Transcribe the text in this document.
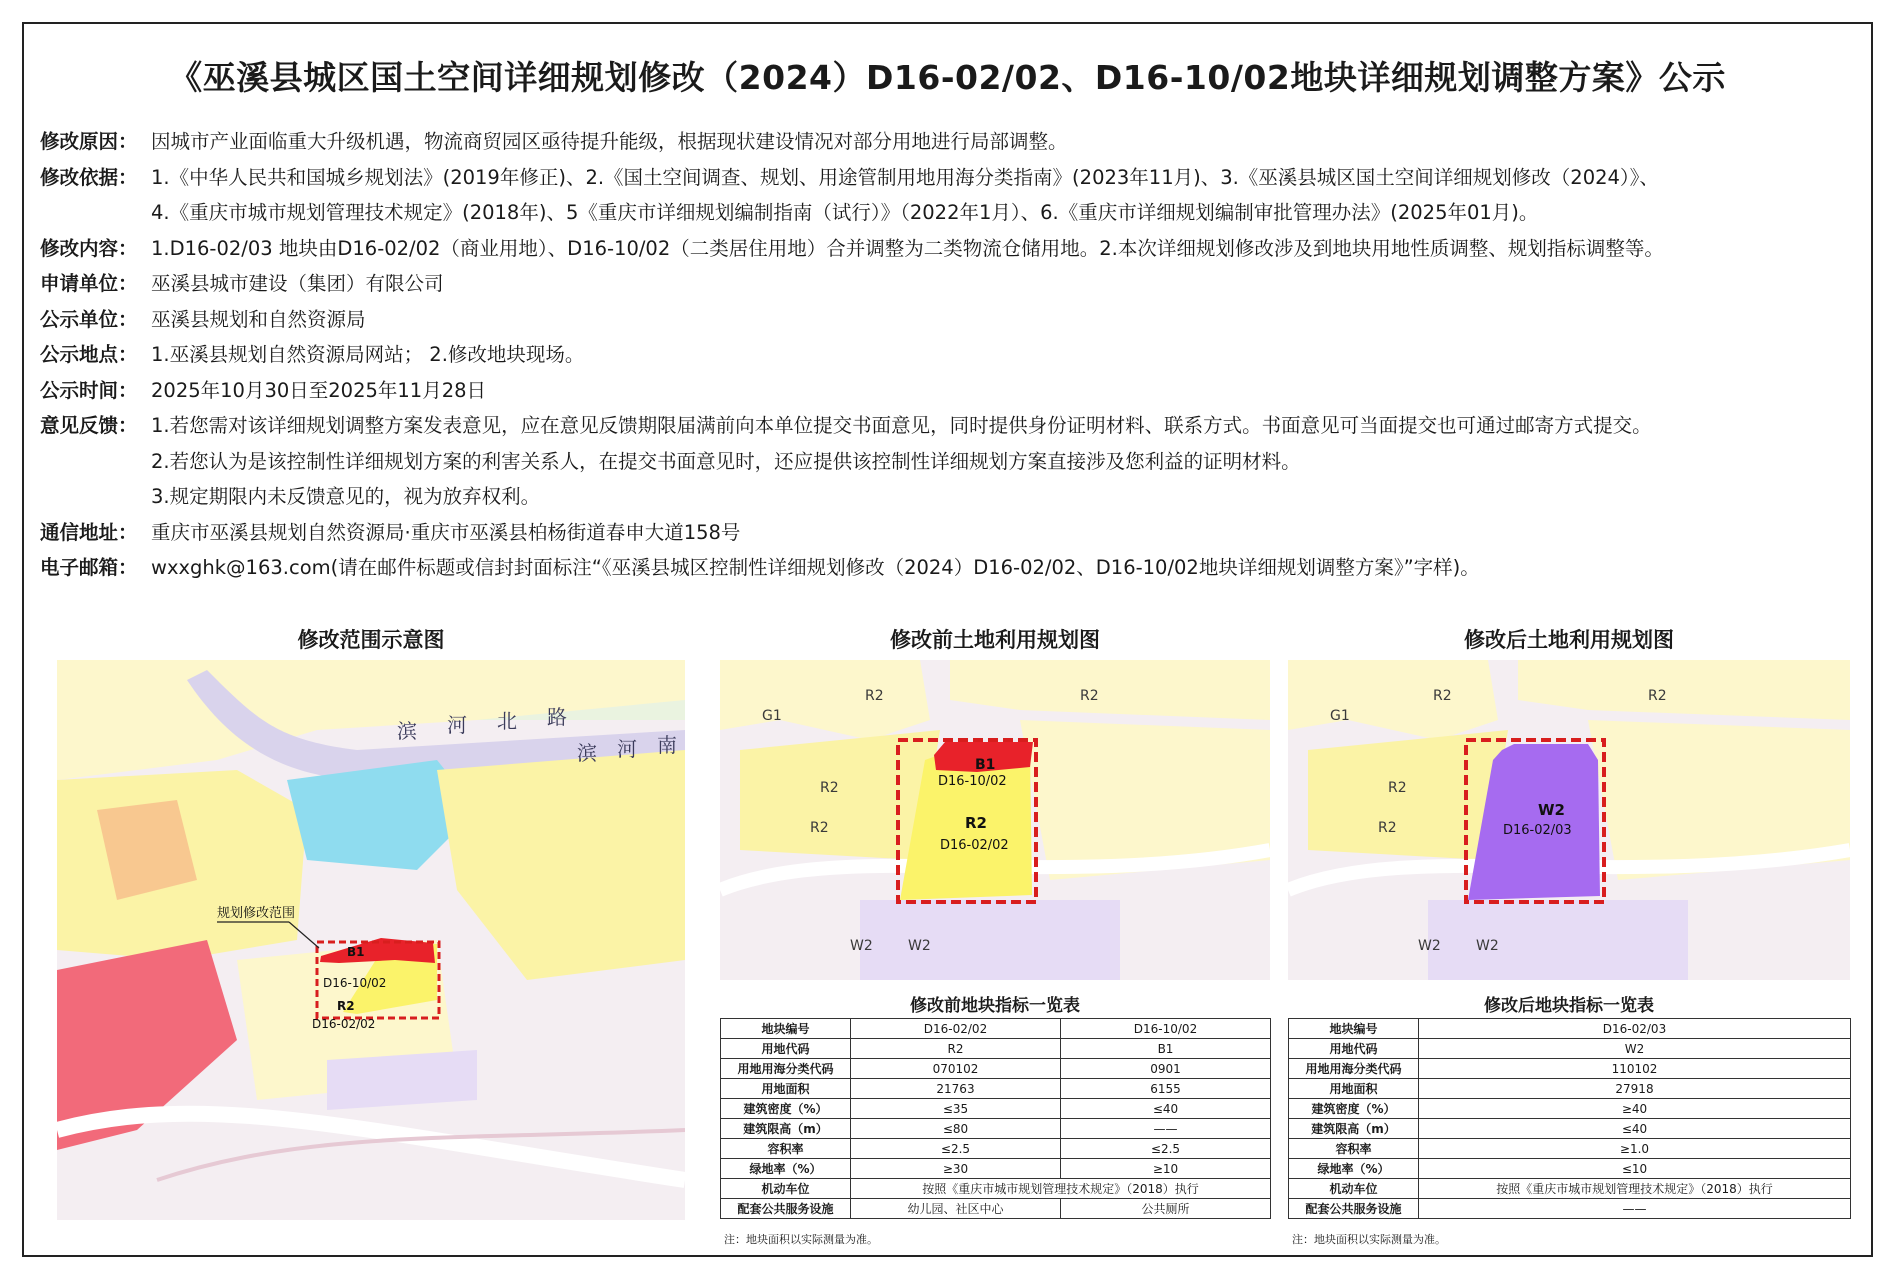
《巫溪县城区国土空间详细规划修改（2024）D16-02/02、D16-10/02地块详细规划调整方案》公示
修改原因： 因城市产业面临重大升级机遇，物流商贸园区亟待提升能级，根据现状建设情况对部分用地进行局部调整。
修改依据： 1.《中华人民共和国城乡规划法》(2019年修正)、2.《国土空间调查、规划、用途管制用地用海分类指南》(2023年11月)、3.《巫溪县城区国土空间详细规划修改（2024）》、
4.《重庆市城市规划管理技术规定》(2018年)、5《重庆市详细规划编制指南（试行）》（2022年1月）、6.《重庆市详细规划编制审批管理办法》(2025年01月)。
修改内容： 1.D16-02/03 地块由D16-02/02（商业用地）、D16-10/02（二类居住用地）合并调整为二类物流仓储用地。2.本次详细规划修改涉及到地块用地性质调整、规划指标调整等。
申请单位： 巫溪县城市建设（集团）有限公司
公示单位： 巫溪县规划和自然资源局
公示地点： 1.巫溪县规划自然资源局网站； 2.修改地块现场。
公示时间： 2025年10月30日至2025年11月28日
意见反馈： 1.若您需对该详细规划调整方案发表意见，应在意见反馈期限届满前向本单位提交书面意见，同时提供身份证明材料、联系方式。书面意见可当面提交也可通过邮寄方式提交。
2.若您认为是该控制性详细规划方案的利害关系人，在提交书面意见时，还应提供该控制性详细规划方案直接涉及您利益的证明材料。
3.规定期限内未反馈意见的，视为放弃权利。
通信地址： 重庆市巫溪县规划自然资源局·重庆市巫溪县柏杨街道春申大道158号
电子邮箱： wxxghk@163.com(请在邮件标题或信封封面标注“《巫溪县城区控制性详细规划修改（2024）D16-02/02、D16-10/02地块详细规划调整方案》”字样)。
修改范围示意图	修改前土地利用规划图	修改后土地利用规划图
规划修改范围
滨 河 北 路
滨 河 南
B1
D16-10/02
R2
D16-02/02
G1
R2	R2
R2
R2
W2	W2
B1
D16-10/02
R2
D16-02/02
G1
R2	R2
R2
R2
W2	W2
W2
D16-02/03
修改前地块指标一览表
地块编号	D16-02/02	D16-10/02
用地代码	R2	B1
用地用海分类代码	070102	0901
用地面积	21763	6155
建筑密度（%）	≤35	≤40
建筑限高（m）	≤80	——
容积率	≤2.5	≤2.5
绿地率（%）	≥30	≥10
机动车位	按照《重庆市城市规划管理技术规定》（2018）执行	
配套公共服务设施	幼儿园、社区中心	公共厕所
注：地块面积以实际测量为准。
修改后地块指标一览表
地块编号	D16-02/03
用地代码	W2
用地用海分类代码	110102
用地面积	27918
建筑密度（%）	≥40
建筑限高（m）	≤40
容积率	≥1.0
绿地率（%）	≤10
机动车位	按照《重庆市城市规划管理技术规定》（2018）执行
配套公共服务设施	——
注：地块面积以实际测量为准。
